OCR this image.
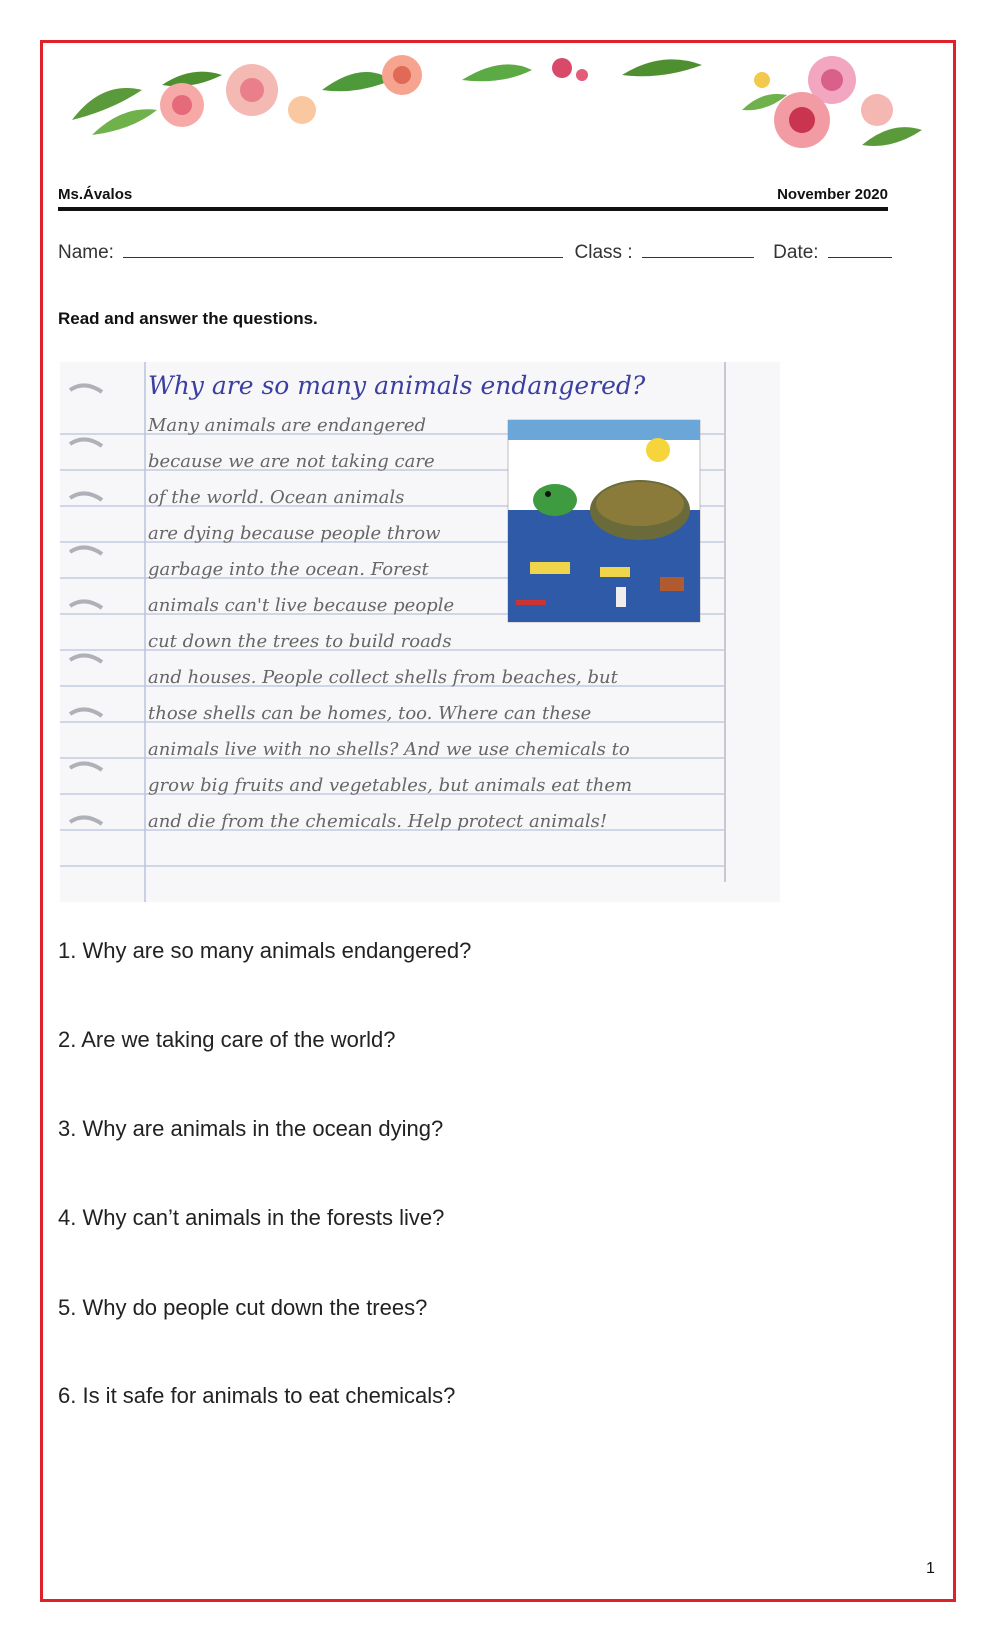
Ms.Ávalos	November 2020
Name:	Class :	Date:
Read and answer the questions.
Why are so many animals endangered?
Many animals are endangered
because we are not taking care
of the world. Ocean animals
are dying because people throw
garbage into the ocean. Forest
animals can't live because people
cut down the trees to build roads
and houses. People collect shells from beaches, but
those shells can be homes, too. Where can these
animals live with no shells? And we use chemicals to
grow big fruits and vegetables, but animals eat them
and die from the chemicals. Help protect animals!
1. Why are so many animals endangered?
2. Are we taking care of the world?
3. Why are animals in the ocean dying?
4. Why can’t animals in the forests live?
5. Why do people cut down the trees?
6. Is it safe for animals to eat chemicals?
1
